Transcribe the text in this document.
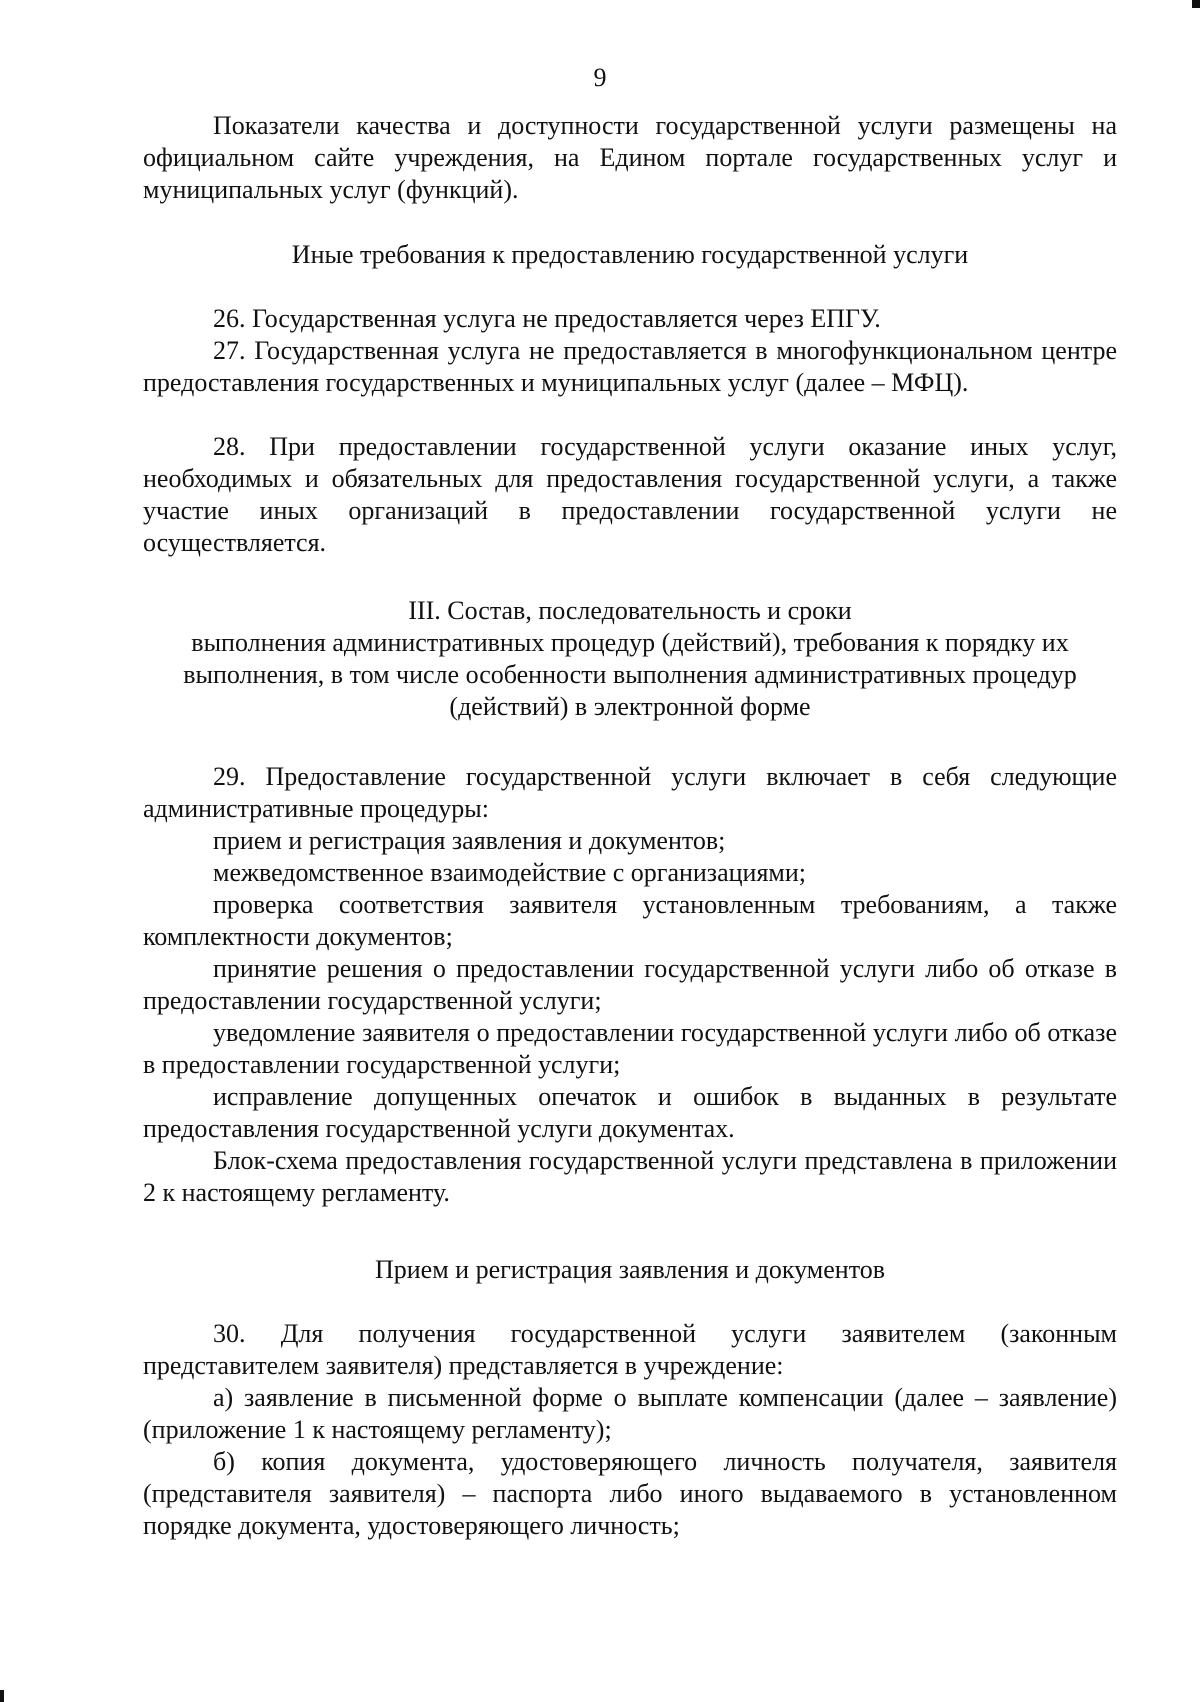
9

Показатели качества и доступности государственной услуги размещены на официальном сайте учреждения, на Едином портале государственных услуг и муниципальных услуг (функций).

Иные требования к предоставлению государственной услуги

26. Государственная услуга не предоставляется через ЕПГУ.

27. Государственная услуга не предоставляется в многофункциональном центре предоставления государственных и муниципальных услуг (далее – МФЦ).

28. При предоставлении государственной услуги оказание иных услуг, необходимых и обязательных для предоставления государственной услуги, а также участие иных организаций в предоставлении государственной услуги не осуществляется.

III. Состав, последовательность и сроки

выполнения административных процедур (действий), требования к порядку их

выполнения, в том числе особенности выполнения административных процедур

(действий) в электронной форме

29. Предоставление государственной услуги включает в себя следующие административные процедуры:

прием и регистрация заявления и документов;

межведомственное взаимодействие с организациями;

проверка соответствия заявителя установленным требованиям, а также комплектности документов;

принятие решения о предоставлении государственной услуги либо об отказе в предоставлении государственной услуги;

уведомление заявителя о предоставлении государственной услуги либо об отказе в предоставлении государственной услуги;

исправление допущенных опечаток и ошибок в выданных в результате предоставления государственной услуги документах.

Блок-схема предоставления государственной услуги представлена в приложении 2 к настоящему регламенту.

Прием и регистрация заявления и документов

30. Для получения государственной услуги заявителем (законным представителем заявителя) представляется в учреждение:

а) заявление в письменной форме о выплате компенсации (далее – заявление) (приложение 1 к настоящему регламенту);

б) копия документа, удостоверяющего личность получателя, заявителя (представителя заявителя) – паспорта либо иного выдаваемого в установленном порядке документа, удостоверяющего личность;
